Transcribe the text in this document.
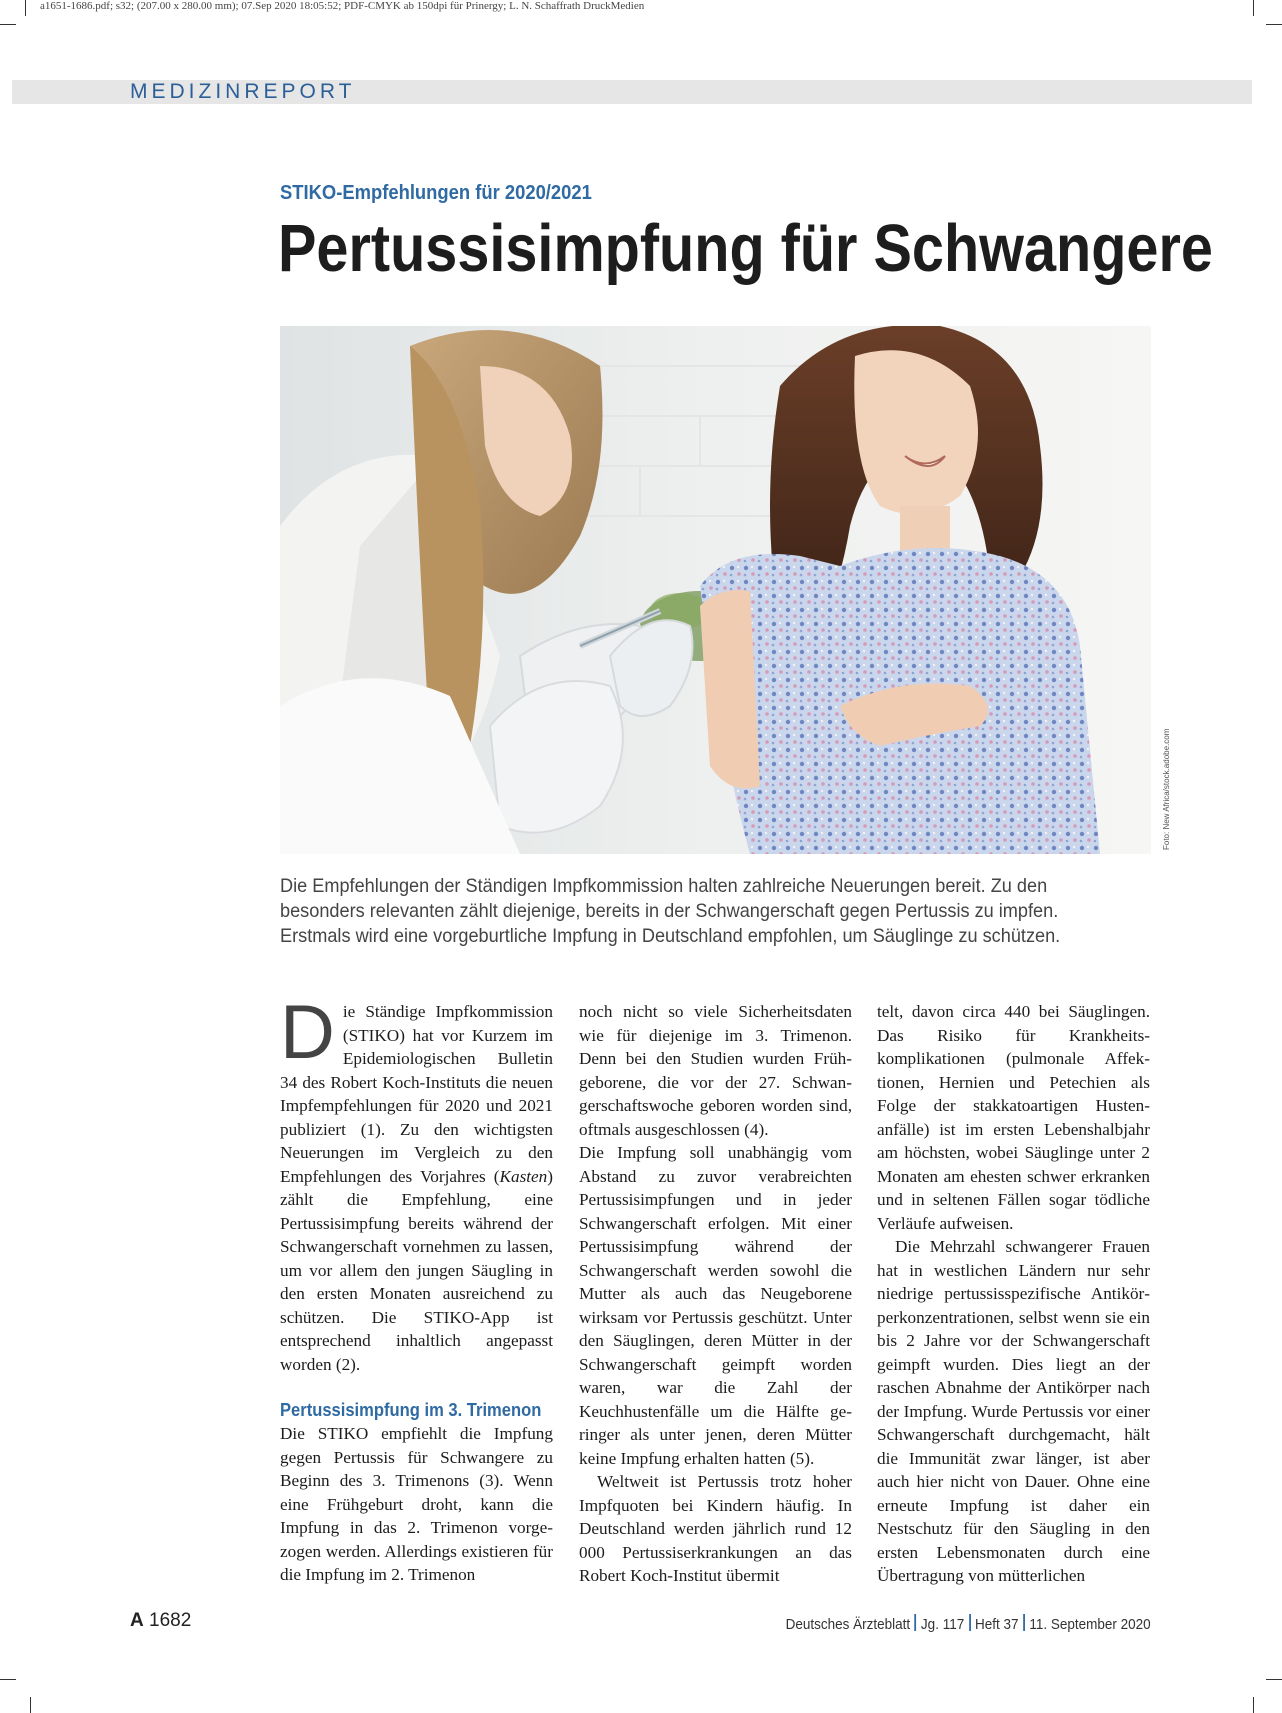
a1651-1686.pdf; s32; (207.00 x 280.00 mm); 07.Sep 2020 18:05:52; PDF-CMYK ab 150dpi für Prinergy; L. N. Schaffrath DruckMedien
MEDIZINREPORT
STIKO-Empfehlungen für 2020/2021
Pertussisimpfung für Schwangere
Foto: New Africa/stock.adobe.com

Die Empfehlungen der Ständigen Impfkommission halten zahlreiche Neuerungen bereit. Zu den

besonders relevanten zählt diejenige, bereits in der Schwangerschaft gegen Pertussis zu impfen.

Erstmals wird eine vorgeburtliche Impfung in Deutschland empfohlen, um Säuglinge zu schützen.

Die Ständige Impfkommission (STIKO) hat vor Kurzem im Epidemiologischen Bulletin 34 des Robert Koch-Instituts die neuen Impfempfehlungen für 2020 und 2021 publiziert (1). Zu den wichtigsten Neuerungen im Vergleich zu den Empfehlungen des Vorjahres (Kasten) zählt die Empfehlung, eine Pertussisimpfung bereits während der Schwangerschaft vornehmen zu lassen, um vor allem den jungen Säugling in den ersten Monaten ausreichend zu schützen. Die STIKO-App ist entsprechend inhaltlich angepasst worden (2).

Pertussisimpfung im 3. Trimenon

Die STIKO empfiehlt die Impfung gegen Pertussis für Schwangere zu Beginn des 3. Trimenons (3). Wenn eine Frühgeburt droht, kann die Impfung in das 2. Trimenon vorgezogen werden. Allerdings existieren für die Impfung im 2. Trimenon

noch nicht so viele Sicherheitsdaten wie für diejenige im 3. Trimenon. Denn bei den Studien wurden Frühgeborene, die vor der 27. Schwangerschaftswoche geboren worden sind, oftmals ausgeschlossen (4).

Die Impfung soll unabhängig vom Abstand zu zuvor verabreichten Pertussisimpfungen und in jeder Schwangerschaft erfolgen. Mit einer Pertussisimpfung während der Schwangerschaft werden sowohl die Mutter als auch das Neugeborene wirksam vor Pertussis geschützt. Unter den Säuglingen, deren Mütter in der Schwangerschaft geimpft worden waren, war die Zahl der Keuchhustenfälle um die Hälfte geringer als unter jenen, deren Mütter keine Impfung erhalten hatten (5).

Weltweit ist Pertussis trotz hoher Impfquoten bei Kindern häufig. In Deutschland werden jährlich rund 12 000 Pertussiserkrankungen an das Robert Koch-Institut übermit

telt, davon circa 440 bei Säuglingen. Das Risiko für Krankheitskomplikationen (pulmonale Affektionen, Hernien und Petechien als Folge der stakkatoartigen Hustenanfälle) ist im ersten Lebenshalbjahr am höchsten, wobei Säuglinge unter 2 Monaten am ehesten schwer erkranken und in seltenen Fällen sogar tödliche Verläufe aufweisen.

Die Mehrzahl schwangerer Frauen hat in westlichen Ländern nur sehr niedrige pertussisspezifische Antikörperkonzentrationen, selbst wenn sie ein bis 2 Jahre vor der Schwangerschaft geimpft wurden. Dies liegt an der raschen Abnahme der Antikörper nach der Impfung. Wurde Pertussis vor einer Schwangerschaft durchgemacht, hält die Immunität zwar länger, ist aber auch hier nicht von Dauer. Ohne eine erneute Impfung ist daher ein Nestschutz für den Säugling in den ersten Lebensmonaten durch eine Übertragung von mütterlichen

A 1682	Deutsches Ärzteblatt Jg. 117 Heft 37 11. September 2020
